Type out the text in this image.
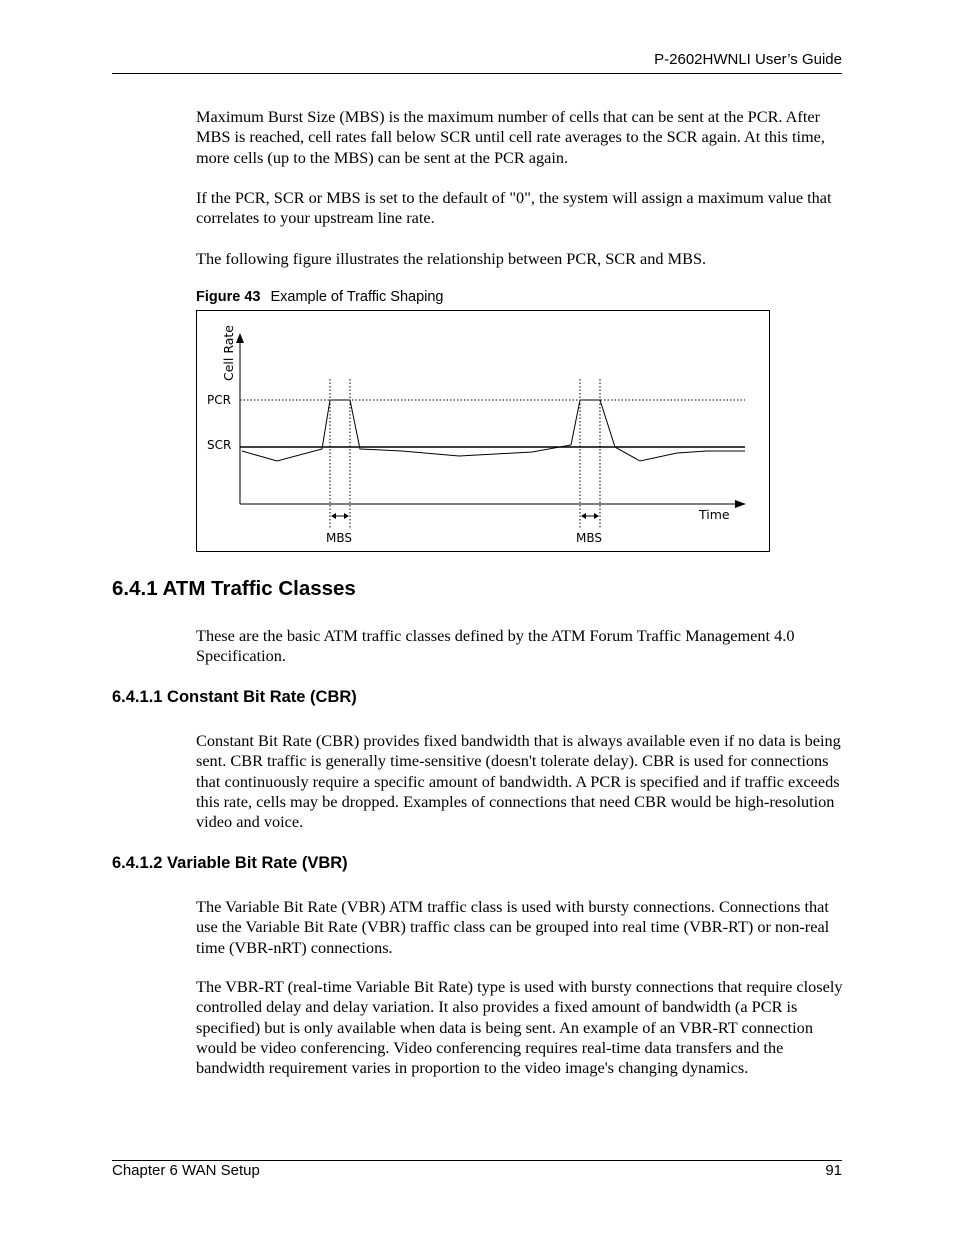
P-2602HWNLI User’s Guide

Maximum Burst Size (MBS) is the maximum number of cells that can be sent at the PCR. After MBS is reached, cell rates fall below SCR until cell rate averages to the SCR again. At this time, more cells (up to the MBS) can be sent at the PCR again.

If the PCR, SCR or MBS is set to the default of "0", the system will assign a maximum value that correlates to your upstream line rate.

The following figure illustrates the relationship between PCR, SCR and MBS.

Figure 43 Example of Traffic Shaping
Cell Rate
PCR
SCR
Time
MBS	MBS
6.4.1 ATM Traffic Classes

These are the basic ATM traffic classes defined by the ATM Forum Traffic Management 4.0 Specification.

6.4.1.1 Constant Bit Rate (CBR)

Constant Bit Rate (CBR) provides fixed bandwidth that is always available even if no data is being sent. CBR traffic is generally time-sensitive (doesn't tolerate delay). CBR is used for connections that continuously require a specific amount of bandwidth. A PCR is specified and if traffic exceeds this rate, cells may be dropped. Examples of connections that need CBR would be high-resolution video and voice.

6.4.1.2 Variable Bit Rate (VBR)

The Variable Bit Rate (VBR) ATM traffic class is used with bursty connections. Connections that use the Variable Bit Rate (VBR) traffic class can be grouped into real time (VBR-RT) or non-real time (VBR-nRT) connections.

The VBR-RT (real-time Variable Bit Rate) type is used with bursty connections that require closely controlled delay and delay variation. It also provides a fixed amount of bandwidth (a PCR is specified) but is only available when data is being sent. An example of an VBR-RT connection would be video conferencing. Video conferencing requires real-time data transfers and the bandwidth requirement varies in proportion to the video image's changing dynamics.

Chapter 6 WAN Setup	91
